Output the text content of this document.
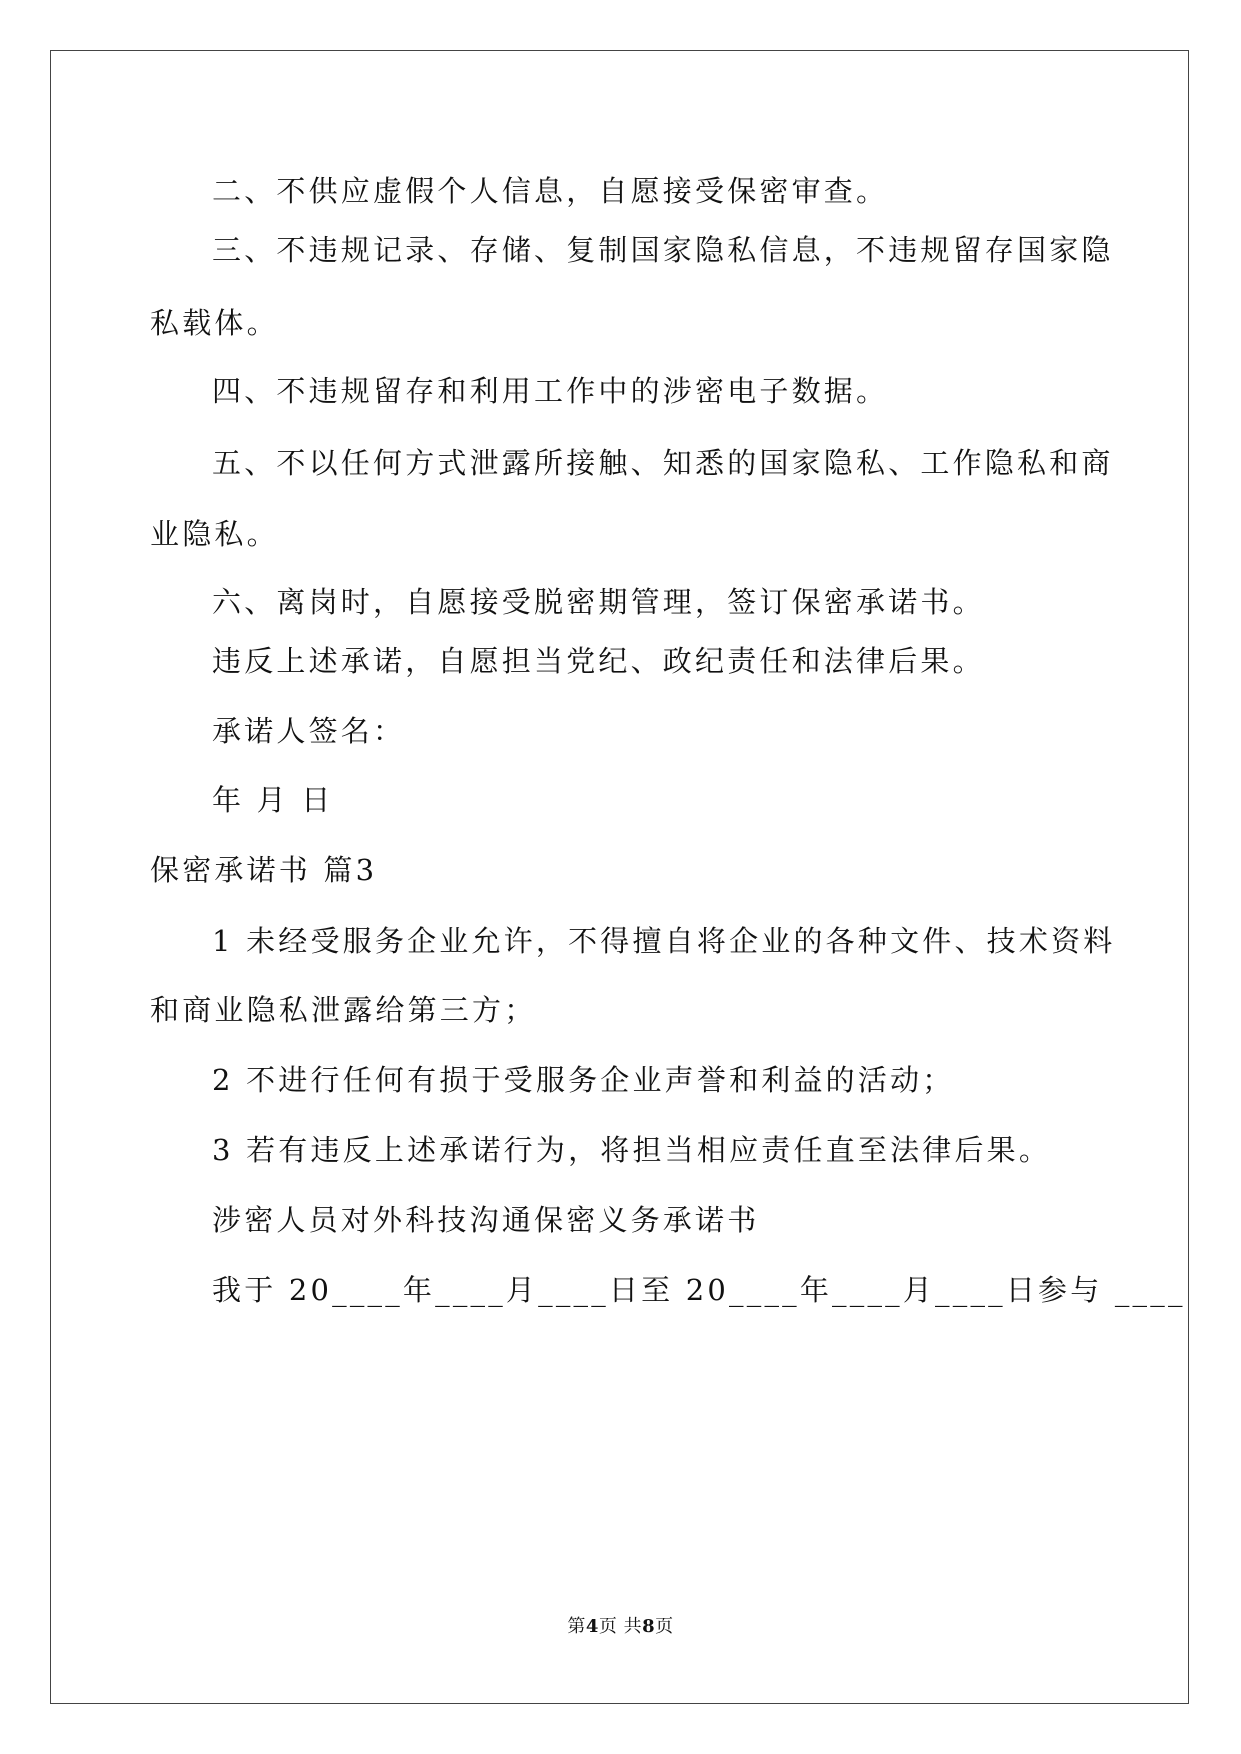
二、不供应虚假个人信息，自愿接受保密审查。
三、不违规记录、存储、复制国家隐私信息，不违规留存国家隐
私载体。
四、不违规留存和利用工作中的涉密电子数据。
五、不以任何方式泄露所接触、知悉的国家隐私、工作隐私和商
业隐私。
六、离岗时，自愿接受脱密期管理，签订保密承诺书。
违反上述承诺，自愿担当党纪、政纪责任和法律后果。
承诺人签名：
年 月 日
保密承诺书 篇3
1 未经受服务企业允许，不得擅自将企业的各种文件、技术资料
和商业隐私泄露给第三方；
2 不进行任何有损于受服务企业声誉和利益的活动；
3 若有违反上述承诺行为，将担当相应责任直至法律后果。
涉密人员对外科技沟通保密义务承诺书
我于 20____年____月____日至 20____年____月____日参与 ____
第4页 共8页
